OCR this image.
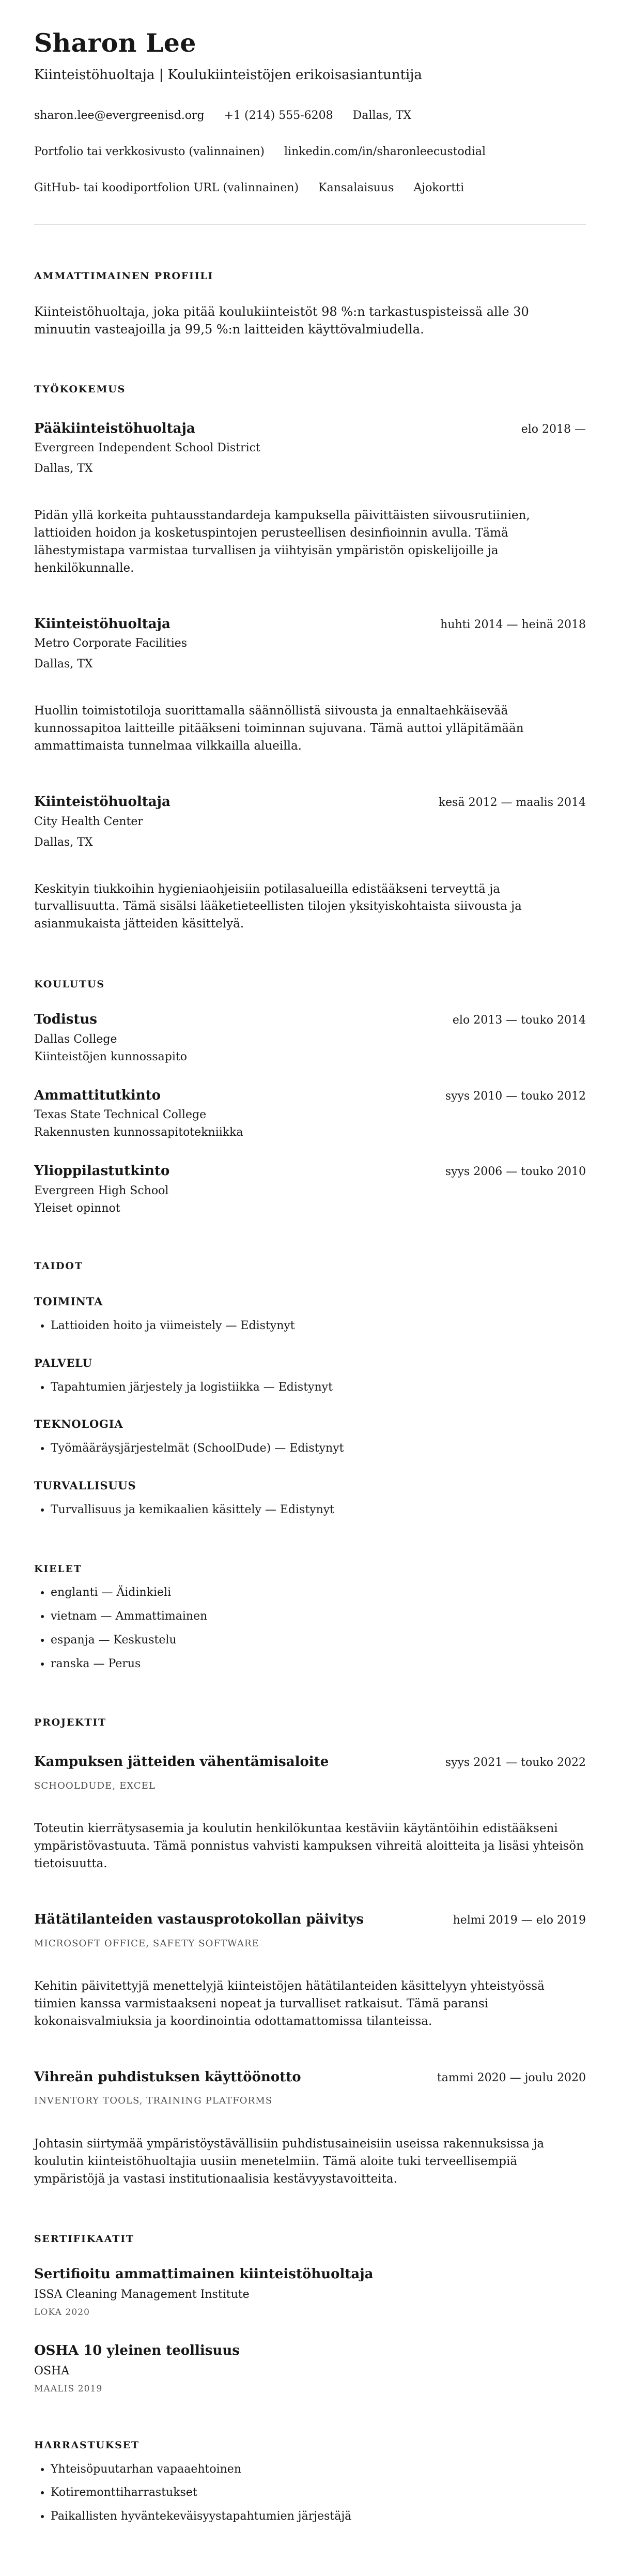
Sharon Lee
Kiinteistöhuoltaja | Koulukiinteistöjen erikoisasiantuntija
sharon.lee@evergreenisd.org +1 (214) 555-6208 Dallas, TX
Portfolio tai verkkosivusto (valinnainen) linkedin.com/in/sharonleecustodial
GitHub- tai koodiportfolion URL (valinnainen) Kansalaisuus Ajokortti
AMMATTIMAINEN PROFIILI

Kiinteistöhuoltaja, joka pitää koulukiinteistöt 98 %:n tarkastuspisteissä alle 30 minuutin vasteajoilla ja 99,5 %:n laitteiden käyttövalmiudella.

TYÖKOKEMUS
Pääkiinteistöhuoltaja	elo 2018 —
Evergreen Independent School District
Dallas, TX

Pidän yllä korkeita puhtausstandardeja kampuksella päivittäisten siivousrutiinien, lattioiden hoidon ja kosketuspintojen perusteellisen desinfioinnin avulla. Tämä lähestymistapa varmistaa turvallisen ja viihtyisän ympäristön opiskelijoille ja henkilökunnalle.

Kiinteistöhuoltaja	huhti 2014 — heinä 2018
Metro Corporate Facilities
Dallas, TX

Huollin toimistotiloja suorittamalla säännöllistä siivousta ja ennaltaehkäisevää kunnossapitoa laitteille pitääkseni toiminnan sujuvana. Tämä auttoi ylläpitämään ammattimaista tunnelmaa vilkkailla alueilla.

Kiinteistöhuoltaja	kesä 2012 — maalis 2014
City Health Center
Dallas, TX

Keskityin tiukkoihin hygieniaohjeisiin potilasalueilla edistääkseni terveyttä ja turvallisuutta. Tämä sisälsi lääketieteellisten tilojen yksityiskohtaista siivousta ja asianmukaista jätteiden käsittelyä.

KOULUTUS
Todistus	elo 2013 — touko 2014
Dallas College
Kiinteistöjen kunnossapito
Ammattitutkinto	syys 2010 — touko 2012
Texas State Technical College
Rakennusten kunnossapitotekniikka
Ylioppilastutkinto	syys 2006 — touko 2010
Evergreen High School
Yleiset opinnot
TAIDOT
TOIMINTA
• Lattioiden hoito ja viimeistely — Edistynyt
PALVELU
• Tapahtumien järjestely ja logistiikka — Edistynyt
TEKNOLOGIA
• Työmääräysjärjestelmät (SchoolDude) — Edistynyt
TURVALLISUUS
• Turvallisuus ja kemikaalien käsittely — Edistynyt
KIELET
• englanti — Äidinkieli
• vietnam — Ammattimainen
• espanja — Keskustelu
• ranska — Perus
PROJEKTIT
Kampuksen jätteiden vähentämisaloite	syys 2021 — touko 2022
SCHOOLDUDE, EXCEL

Toteutin kierrätysasemia ja koulutin henkilökuntaa kestäviin käytäntöihin edistääkseni ympäristövastuuta. Tämä ponnistus vahvisti kampuksen vihreitä aloitteita ja lisäsi yhteisön tietoisuutta.

Hätätilanteiden vastausprotokollan päivitys	helmi 2019 — elo 2019
MICROSOFT OFFICE, SAFETY SOFTWARE

Kehitin päivitettyjä menettelyjä kiinteistöjen hätätilanteiden käsittelyyn yhteistyössä tiimien kanssa varmistaakseni nopeat ja turvalliset ratkaisut. Tämä paransi kokonaisvalmiuksia ja koordinointia odottamattomissa tilanteissa.

Vihreän puhdistuksen käyttöönotto	tammi 2020 — joulu 2020
INVENTORY TOOLS, TRAINING PLATFORMS

Johtasin siirtymää ympäristöystävällisiin puhdistusaineisiin useissa rakennuksissa ja koulutin kiinteistöhuoltajia uusiin menetelmiin. Tämä aloite tuki terveellisempiä ympäristöjä ja vastasi institutionaalisia kestävyystavoitteita.

SERTIFIKAATIT
Sertifioitu ammattimainen kiinteistöhuoltaja
ISSA Cleaning Management Institute
LOKA 2020
OSHA 10 yleinen teollisuus
OSHA
MAALIS 2019
HARRASTUKSET
• Yhteisöpuutarhan vapaaehtoinen
• Kotiremonttiharrastukset
• Paikallisten hyväntekeväisyystapahtumien järjestäjä
